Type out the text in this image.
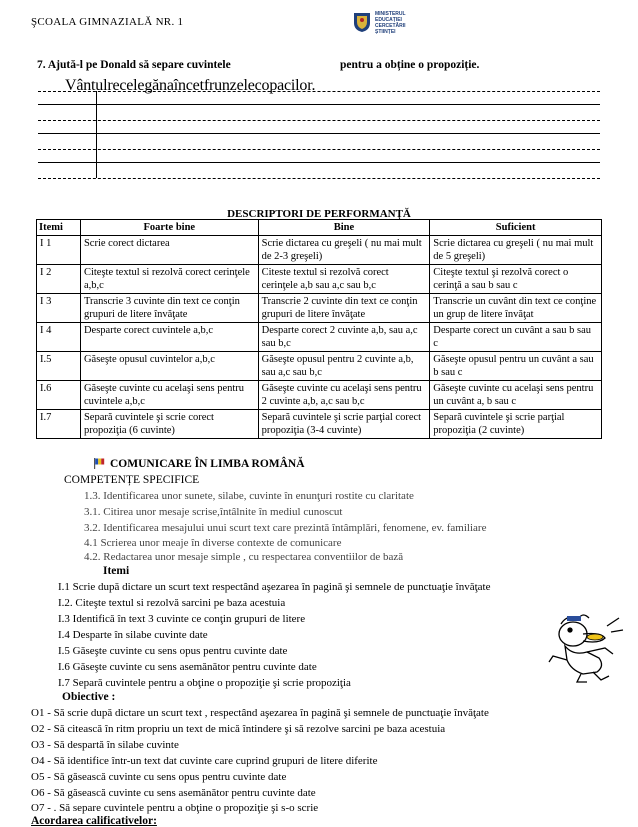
ŞCOALA GIMNAZIALĂ NR. 1
MINISTERUL
EDUCAȚIEI
CERCETĂRII
ȘTIINȚEI
7. Ajută-l pe Donald să separe cuvintele	pentru a obține o propoziție.
Vântulrecelegănaîncetfrunzelecopacilor.
DESCRIPTORI DE PERFORMANȚĂ
Itemi	Foarte bine	Bine	Suficient
I 1	Scrie corect dictarea	Scrie dictarea cu greşeli ( nu mai mult de 2-3 greşeli)	Scrie dictarea cu greşeli ( nu mai mult de 5 greşeli)
I 2	Citeşte textul si rezolvă corect cerinţele a,b,c	Citeste textul si rezolvă corect cerinţele a,b sau a,c sau b,c	Citeşte textul şi rezolvă corect o cerinţă a sau b sau c
I 3	Transcrie 3 cuvinte din text ce conţin grupuri de litere învăţate	Transcrie 2 cuvinte din text ce conţin grupuri de litere învăţate	Transcrie un cuvânt din text ce conţine un grup de litere învăţat
I 4	Desparte corect cuvintele a,b,c	Desparte corect 2 cuvinte a,b, sau a,c sau b,c	Desparte corect un cuvânt a sau b sau c
I.5	Găseşte opusul cuvintelor a,b,c	Găseşte opusul pentru 2 cuvinte a,b, sau a,c sau b,c	Găseşte opusul pentru un cuvânt a sau b sau c
I.6	Găseşte cuvinte cu acelaşi sens pentru cuvintele a,b,c	Găseşte cuvinte cu acelaşi sens pentru 2 cuvinte a,b, a,c sau b,c	Găseşte cuvinte cu acelaşi sens pentru un cuvânt a, b sau c
I.7	Separă cuvintele şi scrie corect propoziţia (6 cuvinte)	Separă cuvintele şi scrie parţial corect propoziţia (3-4 cuvinte)	Separă cuvintele şi scrie parţial propoziţia (2 cuvinte)
COMUNICARE ÎN LIMBA ROMÂNĂ
COMPETENȚE SPECIFICE
1.3. Identificarea unor sunete, silabe, cuvinte în enunţuri rostite cu claritate
3.1. Citirea unor mesaje scrise,întâlnite în mediul cunoscut
3.2. Identificarea mesajului unui scurt text care prezintă întâmplări, fenomene, ev. familiare
4.1 Scrierea unor meaje în diverse contexte de comunicare
4.2. Redactarea unor mesaje simple , cu respectarea conventiilor de bază
Itemi
I.1 Scrie după dictare un scurt text respectând aşezarea în pagină şi semnele de punctuaţie învăţate
I.2. Citeşte textul si rezolvă sarcini pe baza acestuia
I.3 Identifică în text 3 cuvinte ce conţin grupuri de litere
I.4 Desparte în silabe cuvinte date
I.5 Găseşte cuvinte cu sens opus pentru cuvinte date
I.6 Găseşte cuvinte cu sens asemănător pentru cuvinte date
I.7 Separă cuvintele pentru a obţine o propoziţie şi scrie propoziţia
Obiective :
O1 - Să scrie după dictare un scurt text , respectând aşezarea în pagină şi semnele de punctuaţie învăţate
O2 - Să citească în ritm propriu un text de mică întindere şi să rezolve sarcini pe baza acestuia
O3 - Să despartă în silabe cuvinte
O4 - Să identifice într-un text dat cuvinte care cuprind grupuri de litere diferite
O5 - Să găsească cuvinte cu sens opus pentru cuvinte date
O6 - Să găsească cuvinte cu sens asemănător pentru cuvinte date
O7 - . Să separe cuvintele pentru a obţine o propoziţie şi s-o scrie
Acordarea calificativelor:
